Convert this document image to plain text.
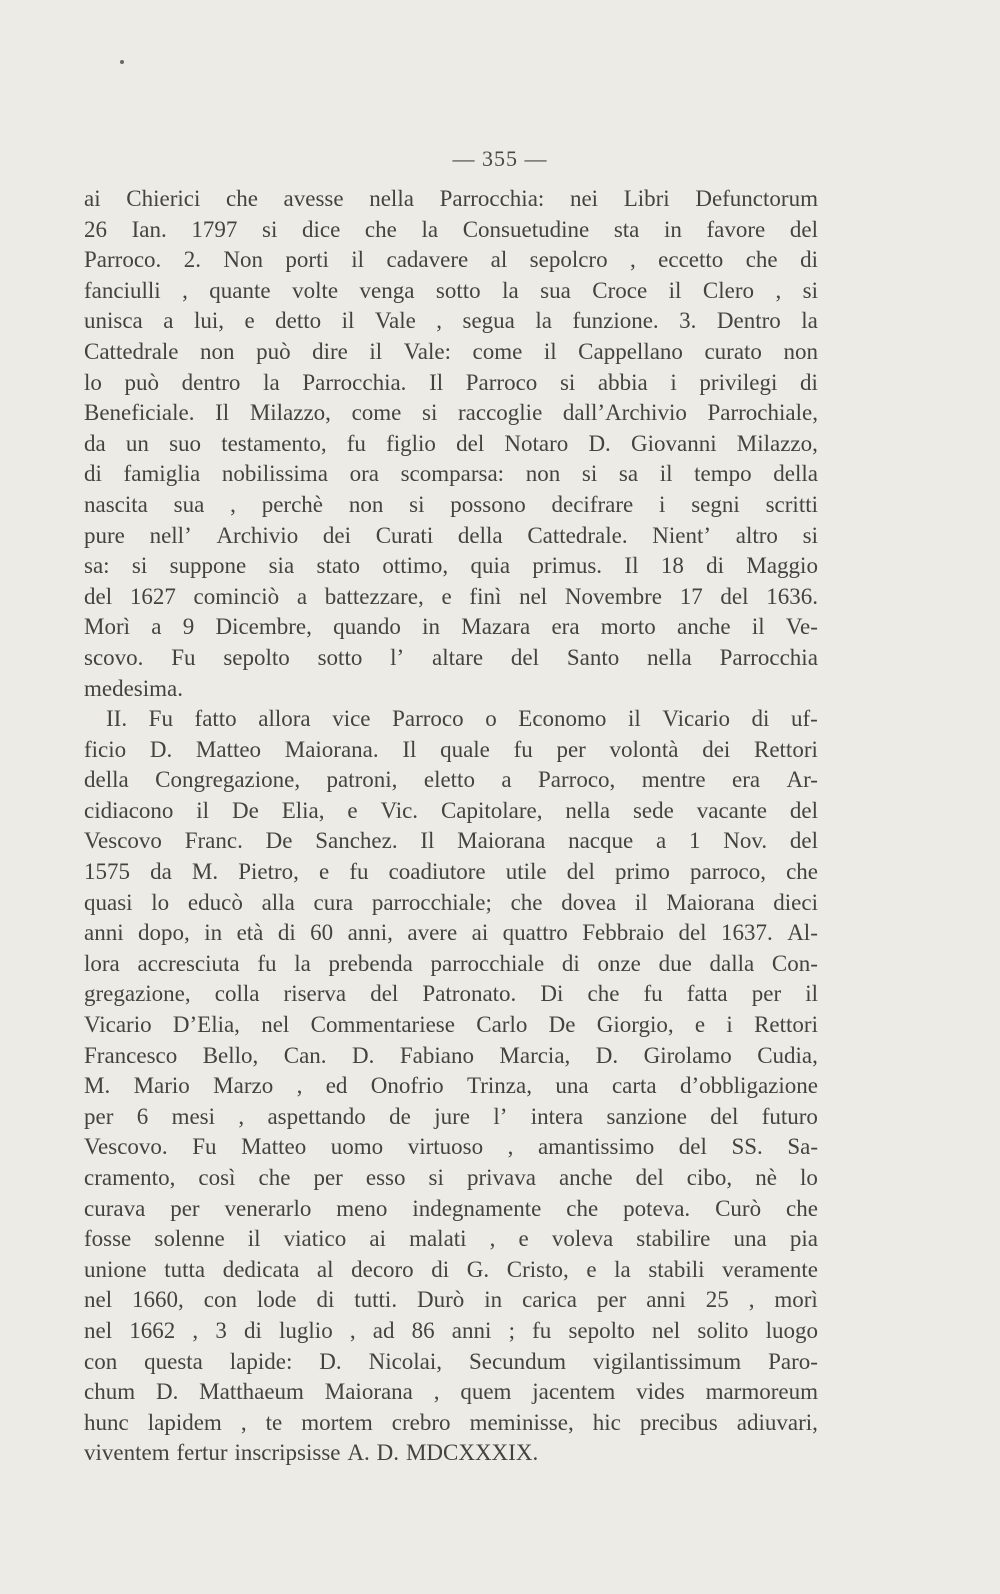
— 355 —
ai Chierici che avesse nella Parrocchia: nei Libri Defunctorum
26 Ian. 1797 si dice che la Consuetudine sta in favore del
Parroco. 2. Non porti il cadavere al sepolcro , eccetto che di
fanciulli , quante volte venga sotto la sua Croce il Clero , si
unisca a lui, e detto il Vale , segua la funzione. 3. Dentro la
Cattedrale non può dire il Vale: come il Cappellano curato non
lo può dentro la Parrocchia. Il Parroco si abbia i privilegi di
Beneficiale. Il Milazzo, come si raccoglie dall’Archivio Parrochiale,
da un suo testamento, fu figlio del Notaro D. Giovanni Milazzo,
di famiglia nobilissima ora scomparsa: non si sa il tempo della
nascita sua , perchè non si possono decifrare i segni scritti
pure nell’ Archivio dei Curati della Cattedrale. Nient’ altro si
sa: si suppone sia stato ottimo, quia primus. Il 18 di Maggio
del 1627 cominciò a battezzare, e finì nel Novembre 17 del 1636.
Morì a 9 Dicembre, quando in Mazara era morto anche il Ve-
scovo. Fu sepolto sotto l’ altare del Santo nella Parrocchia
medesima.
II. Fu fatto allora vice Parroco o Economo il Vicario di uf-
ficio D. Matteo Maiorana. Il quale fu per volontà dei Rettori
della Congregazione, patroni, eletto a Parroco, mentre era Ar-
cidiacono il De Elia, e Vic. Capitolare, nella sede vacante del
Vescovo Franc. De Sanchez. Il Maiorana nacque a 1 Nov. del
1575 da M. Pietro, e fu coadiutore utile del primo parroco, che
quasi lo educò alla cura parrocchiale; che dovea il Maiorana dieci
anni dopo, in età di 60 anni, avere ai quattro Febbraio del 1637. Al-
lora accresciuta fu la prebenda parrocchiale di onze due dalla Con-
gregazione, colla riserva del Patronato. Di che fu fatta per il
Vicario D’Elia, nel Commentariese Carlo De Giorgio, e i Rettori
Francesco Bello, Can. D. Fabiano Marcia, D. Girolamo Cudia,
M. Mario Marzo , ed Onofrio Trinza, una carta d’obbligazione
per 6 mesi , aspettando de jure l’ intera sanzione del futuro
Vescovo. Fu Matteo uomo virtuoso , amantissimo del SS. Sa-
cramento, così che per esso si privava anche del cibo, nè lo
curava per venerarlo meno indegnamente che poteva. Curò che
fosse solenne il viatico ai malati , e voleva stabilire una pia
unione tutta dedicata al decoro di G. Cristo, e la stabili veramente
nel 1660, con lode di tutti. Durò in carica per anni 25 , morì
nel 1662 , 3 di luglio , ad 86 anni ; fu sepolto nel solito luogo
con questa lapide: D. Nicolai, Secundum vigilantissimum Paro-
chum D. Matthaeum Maiorana , quem jacentem vides marmoreum
hunc lapidem , te mortem crebro meminisse, hic precibus adiuvari,
viventem fertur inscripsisse A. D. MDCXXXIX.
